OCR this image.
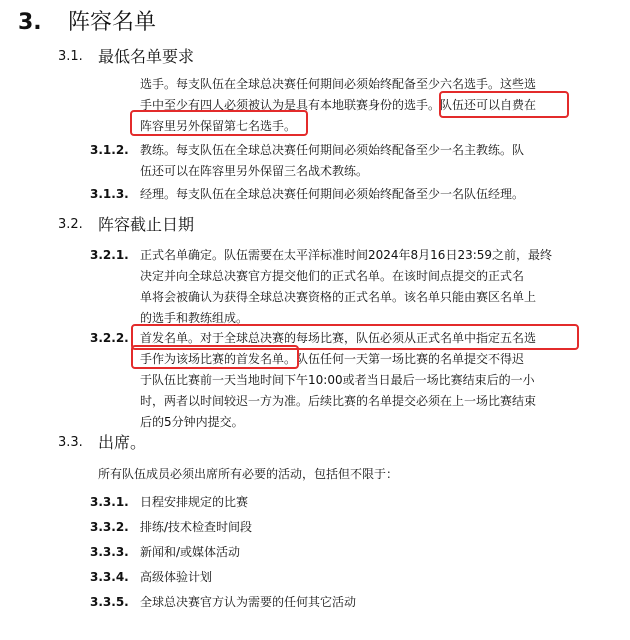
3. 阵容名单
3.1. 最低名单要求
选手。每支队伍在全球总决赛任何期间必须始终配备至少六名选手。这些选
手中至少有四人必须被认为是具有本地联赛身份的选手。队伍还可以自费在
阵容里另外保留第七名选手。
3.1.2. 教练。每支队伍在全球总决赛任何期间必须始终配备至少一名主教练。队
伍还可以在阵容里另外保留三名战术教练。
3.1.3. 经理。每支队伍在全球总决赛任何期间必须始终配备至少一名队伍经理。
3.2. 阵容截止日期
3.2.1. 正式名单确定。队伍需要在太平洋标准时间2024年8月16日23:59之前，最终
决定并向全球总决赛官方提交他们的正式名单。在该时间点提交的正式名
单将会被确认为获得全球总决赛资格的正式名单。该名单只能由赛区名单上
的选手和教练组成。
3.2.2. 首发名单。对于全球总决赛的每场比赛，队伍必须从正式名单中指定五名选
手作为该场比赛的首发名单。队伍任何一天第一场比赛的名单提交不得迟
于队伍比赛前一天当地时间下午10:00或者当日最后一场比赛结束后的一小
时，两者以时间较迟一方为准。后续比赛的名单提交必须在上一场比赛结束
后的5分钟内提交。
3.3. 出席。
所有队伍成员必须出席所有必要的活动，包括但不限于：
3.3.1. 日程安排规定的比赛
3.3.2. 排练/技术检查时间段
3.3.3. 新闻和/或媒体活动
3.3.4. 高级体验计划
3.3.5. 全球总决赛官方认为需要的任何其它活动
